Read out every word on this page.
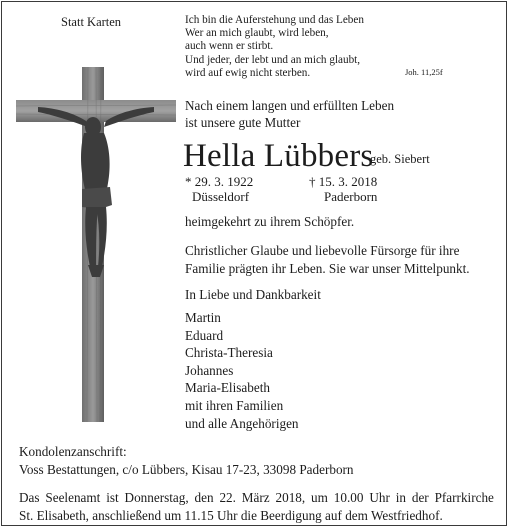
Statt Karten	Ich bin die Auferstehung und das Leben
Wer an mich glaubt, wird leben,
auch wenn er stirbt.
Und jeder, der lebt und an mich glaubt,
wird auf ewig nicht sterben.	Joh. 11,25f
Nach einem langen und erfüllten Leben
ist unsere gute Mutter
Hella Lübbers
geb. Siebert
* 29. 3. 1922
Düsseldorf
† 15. 3. 2018
Paderborn
heimgekehrt zu ihrem Schöpfer.
Christlicher Glaube und liebevolle Fürsorge für ihre
Familie prägten ihr Leben. Sie war unser Mittelpunkt.
In Liebe und Dankbarkeit
Martin
Eduard
Christa-Theresia
Johannes
Maria-Elisabeth
mit ihren Familien
und alle Angehörigen
Kondolenzanschrift:
Voss Bestattungen, c/o Lübbers, Kisau 17-23, 33098 Paderborn
Das Seelenamt ist Donnerstag, den 22. März 2018, um 10.00 Uhr in der Pfarrkirche
St. Elisabeth, anschließend um 11.15 Uhr die Beerdigung auf dem Westfriedhof.
